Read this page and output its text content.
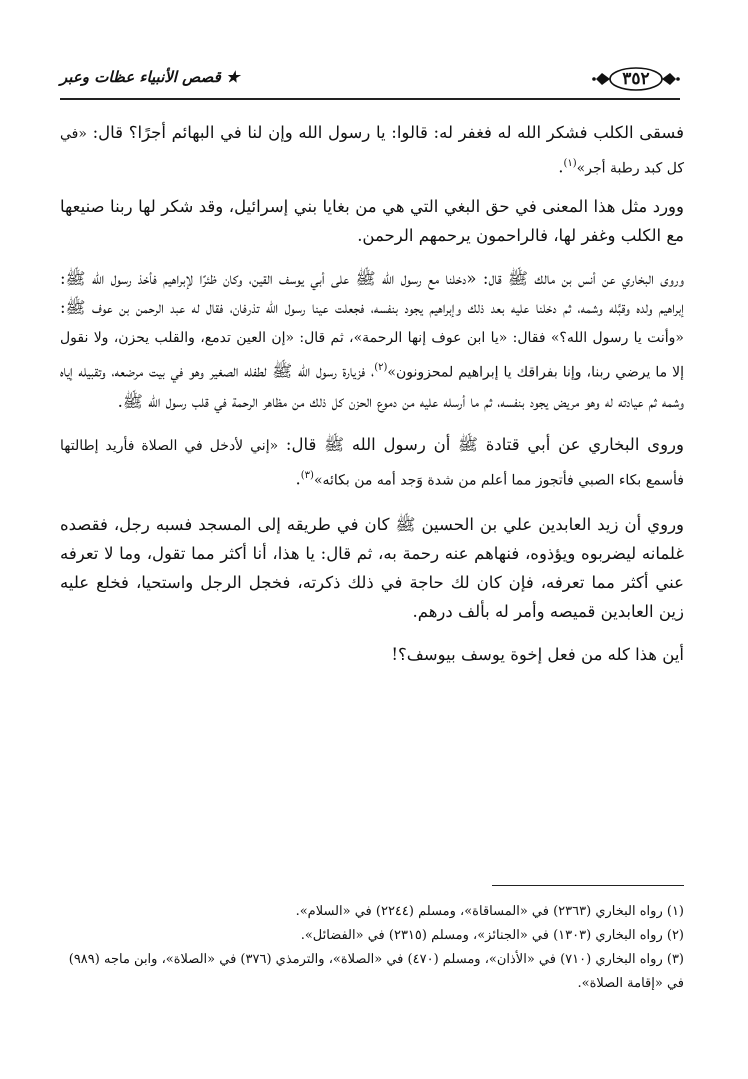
٣٥٢
★ قصص الأنبياء عظات وعبر

فسقى الكلب فشكر الله له فغفر له: قالوا: يا رسول الله وإن لنا في البهائم أجرًا؟ قال: «في كل كبد رطبة أجر»$^{(١)}$.

وورد مثل هذا المعنى في حق البغي التي هي من بغايا بني إسرائيل، وقد شكر لها ربنا صنيعها مع الكلب وغفر لها، فالراحمون يرحمهم الرحمن.

وروى البخاري عن أنس بن مالك ﷺ قال: «دخلنا مع رسول الله ﷺ على أبي يوسف القين، وكان ظئرًا لإبراهيم فأخذ رسول الله ﷺ: إبراهيم ولده وقبَّله وشمه، ثم دخلنا عليه بعد ذلك وإبراهيم يجود بنفسه، فجعلت عينا رسول الله تذرفان، فقال له عبد الرحمن بن عوف ﷺ: «وأنت يا رسول الله؟» فقال: «يا ابن عوف إنها الرحمة»، ثم قال: «إن العين تدمع، والقلب يحزن، ولا نقول إلا ما يرضي ربنا، وإنا بفراقك يا إبراهيم لمحزونون»$^{(٢)}$، فزيارة رسول الله ﷺ لطفله الصغير وهو في بيت مرضعه، وتقبيله إياه وشمه ثم عيادته له وهو مريض يجود بنفسه، ثم ما أرسله عليه من دموع الحزن كل ذلك من مظاهر الرحمة في قلب رسول الله ﷺ.

وروى البخاري عن أبي قتادة ﷺ أن رسول الله ﷺ قال: «إني لأدخل في الصلاة فأريد إطالتها فأسمع بكاء الصبي فأتجوز مما أعلم من شدة وَجد أمه من بكائه»$^{(٣)}$.

وروي أن زيد العابدين علي بن الحسين ﷺ كان في طريقه إلى المسجد فسبه رجل، فقصده غلمانه ليضربوه ويؤذوه، فنهاهم عنه رحمة به، ثم قال: يا هذا، أنا أكثر مما تقول، وما لا تعرفه عني أكثر مما تعرفه، فإن كان لك حاجة في ذلك ذكرته، فخجل الرجل واستحيا، فخلع عليه زين العابدين قميصه وأمر له بألف درهم.

أين هذا كله من فعل إخوة يوسف بيوسف؟!

(١) رواه البخاري (٢٣٦٣) في «المساقاة»، ومسلم (٢٢٤٤) في «السلام».
(٢) رواه البخاري (١٣٠٣) في «الجنائز»، ومسلم (٢٣١٥) في «الفضائل».
(٣) رواه البخاري (٧١٠) في «الأذان»، ومسلم (٤٧٠) في «الصلاة»، والترمذي (٣٧٦) في «الصلاة»، وابن ماجه (٩٨٩) في «إقامة الصلاة».
